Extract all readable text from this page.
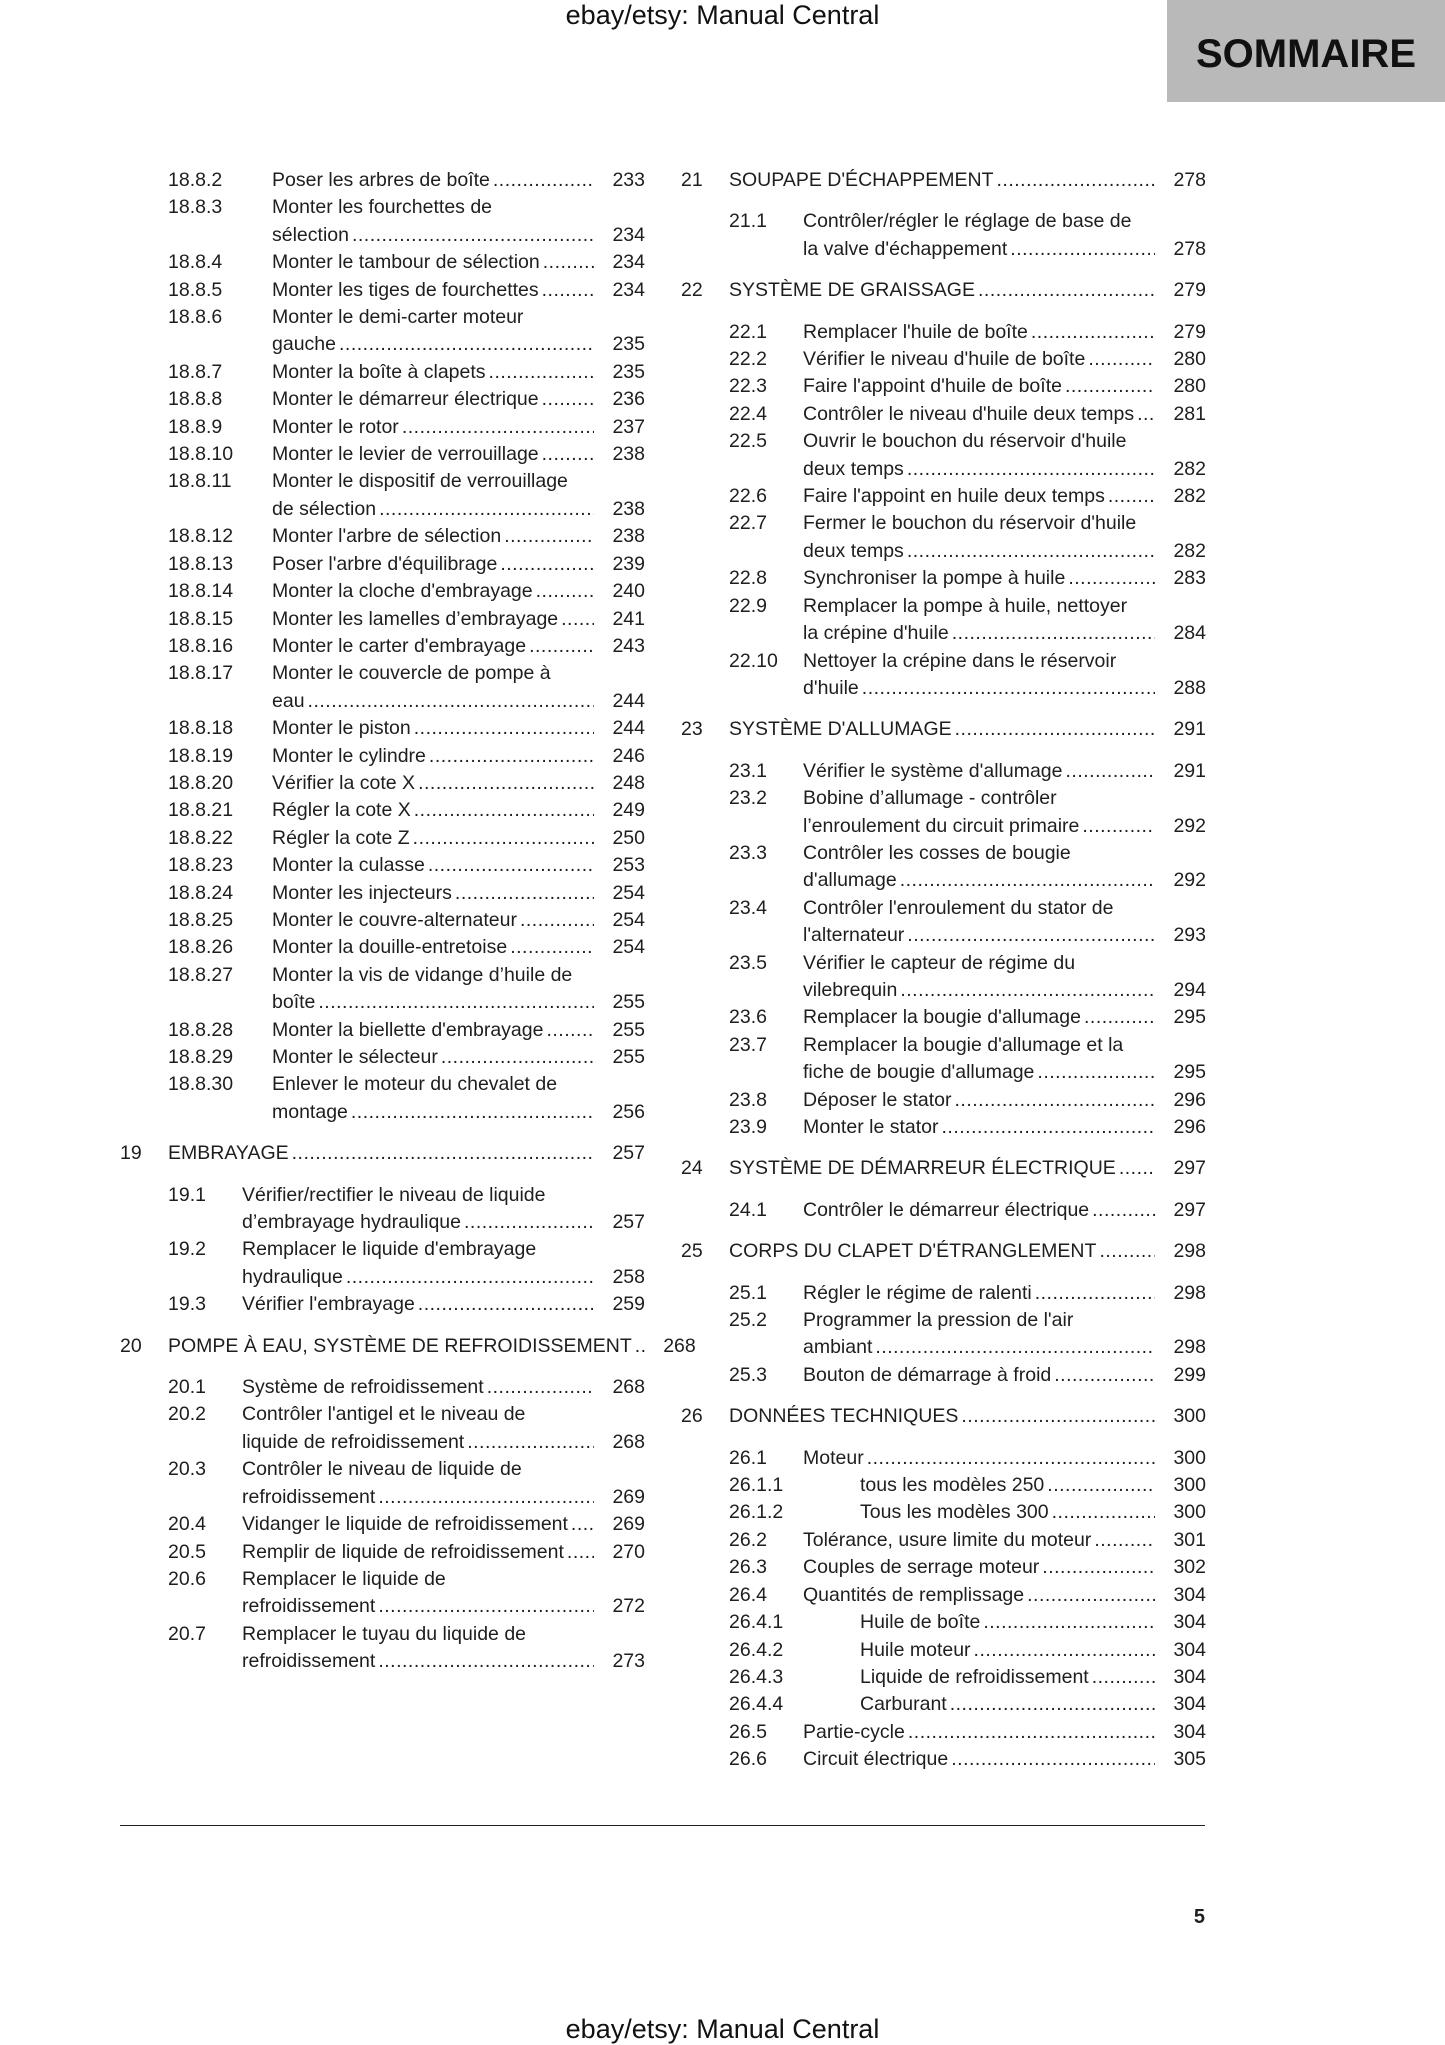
ebay/etsy: Manual Central
SOMMAIRE
18.8.2	Poser les arbres de boîte .....	233
18.8.3	Monter les fourchettes de
sélection .....	234
18.8.4	Monter le tambour de sélection .....	234
18.8.5	Monter les tiges de fourchettes .....	234
18.8.6	Monter le demi-carter moteur
gauche .....	235
18.8.7	Monter la boîte à clapets .....	235
18.8.8	Monter le démarreur électrique .....	236
18.8.9	Monter le rotor .....	237
18.8.10 Monter le levier de verrouillage .....	238
18.8.11 Monter le dispositif de verrouillage
de sélection .....	238
18.8.12 Monter l'arbre de sélection .....	238
18.8.13 Poser l'arbre d'équilibrage .....	239
18.8.14 Monter la cloche d'embrayage .....	240
18.8.15 Monter les lamelles d’embrayage .....	241
18.8.16 Monter le carter d'embrayage .....	243
18.8.17 Monter le couvercle de pompe à
eau .....	244
18.8.18 Monter le piston .....	244
18.8.19 Monter le cylindre .....	246
18.8.20 Vérifier la cote X .....	248
18.8.21 Régler la cote X .....	249
18.8.22 Régler la cote Z .....	250
18.8.23 Monter la culasse .....	253
18.8.24 Monter les injecteurs .....	254
18.8.25 Monter le couvre-alternateur .....	254
18.8.26 Monter la douille-entretoise .....	254
18.8.27 Monter la vis de vidange d’huile de
boîte .....	255
18.8.28 Monter la biellette d'embrayage .....	255
18.8.29 Monter le sélecteur .....	255
18.8.30 Enlever le moteur du chevalet de
montage .....	256
19 EMBRAYAGE .....	257
19.1 Vérifier/rectifier le niveau de liquide
d’embrayage hydraulique .....	257
19.2 Remplacer le liquide d'embrayage
hydraulique .....	258
19.3 Vérifier l'embrayage .....	259
20 POMPE À EAU, SYSTÈME DE REFROIDISSEMENT .....	268
20.1 Système de refroidissement .....	268
20.2 Contrôler l'antigel et le niveau de
liquide de refroidissement .....	268
20.3 Contrôler le niveau de liquide de
refroidissement .....	269
20.4 Vidanger le liquide de refroidissement .....	269
20.5 Remplir de liquide de refroidissement .....	270
20.6 Remplacer le liquide de
refroidissement .....	272
20.7 Remplacer le tuyau du liquide de
refroidissement .....	273
21 SOUPAPE D'ÉCHAPPEMENT .....	278
21.1 Contrôler/régler le réglage de base de
la valve d'échappement .....	278
22 SYSTÈME DE GRAISSAGE .....	279
22.1 Remplacer l'huile de boîte .....	279
22.2 Vérifier le niveau d'huile de boîte .....	280
22.3 Faire l'appoint d'huile de boîte .....	280
22.4 Contrôler le niveau d'huile deux temps .....	281
22.5 Ouvrir le bouchon du réservoir d'huile
deux temps .....	282
22.6 Faire l'appoint en huile deux temps .....	282
22.7 Fermer le bouchon du réservoir d'huile
deux temps .....	282
22.8 Synchroniser la pompe à huile .....	283
22.9 Remplacer la pompe à huile, nettoyer
la crépine d'huile .....	284
22.10 Nettoyer la crépine dans le réservoir
d'huile .....	288
23 SYSTÈME D'ALLUMAGE .....	291
23.1 Vérifier le système d'allumage .....	291
23.2 Bobine d’allumage - contrôler
l’enroulement du circuit primaire .....	292
23.3 Contrôler les cosses de bougie
d'allumage .....	292
23.4 Contrôler l'enroulement du stator de
l'alternateur .....	293
23.5 Vérifier le capteur de régime du
vilebrequin .....	294
23.6 Remplacer la bougie d'allumage .....	295
23.7 Remplacer la bougie d'allumage et la
fiche de bougie d'allumage .....	295
23.8 Déposer le stator .....	296
23.9 Monter le stator .....	296
24 SYSTÈME DE DÉMARREUR ÉLECTRIQUE .....	297
24.1 Contrôler le démarreur électrique .....	297
25 CORPS DU CLAPET D'ÉTRANGLEMENT .....	298
25.1 Régler le régime de ralenti .....	298
25.2 Programmer la pression de l'air
ambiant .....	298
25.3 Bouton de démarrage à froid .....	299
26 DONNÉES TECHNIQUES .....	300
26.1 Moteur .....	300
26.1.1	tous les modèles 250 .....	300
26.1.2	Tous les modèles 300 .....	300
26.2 Tolérance, usure limite du moteur .....	301
26.3 Couples de serrage moteur .....	302
26.4 Quantités de remplissage .....	304
26.4.1	Huile de boîte .....	304
26.4.2	Huile moteur .....	304
26.4.3	Liquide de refroidissement .....	304
26.4.4	Carburant .....	304
26.5 Partie-cycle .....	304
26.6 Circuit électrique .....	305
5
ebay/etsy: Manual Central
